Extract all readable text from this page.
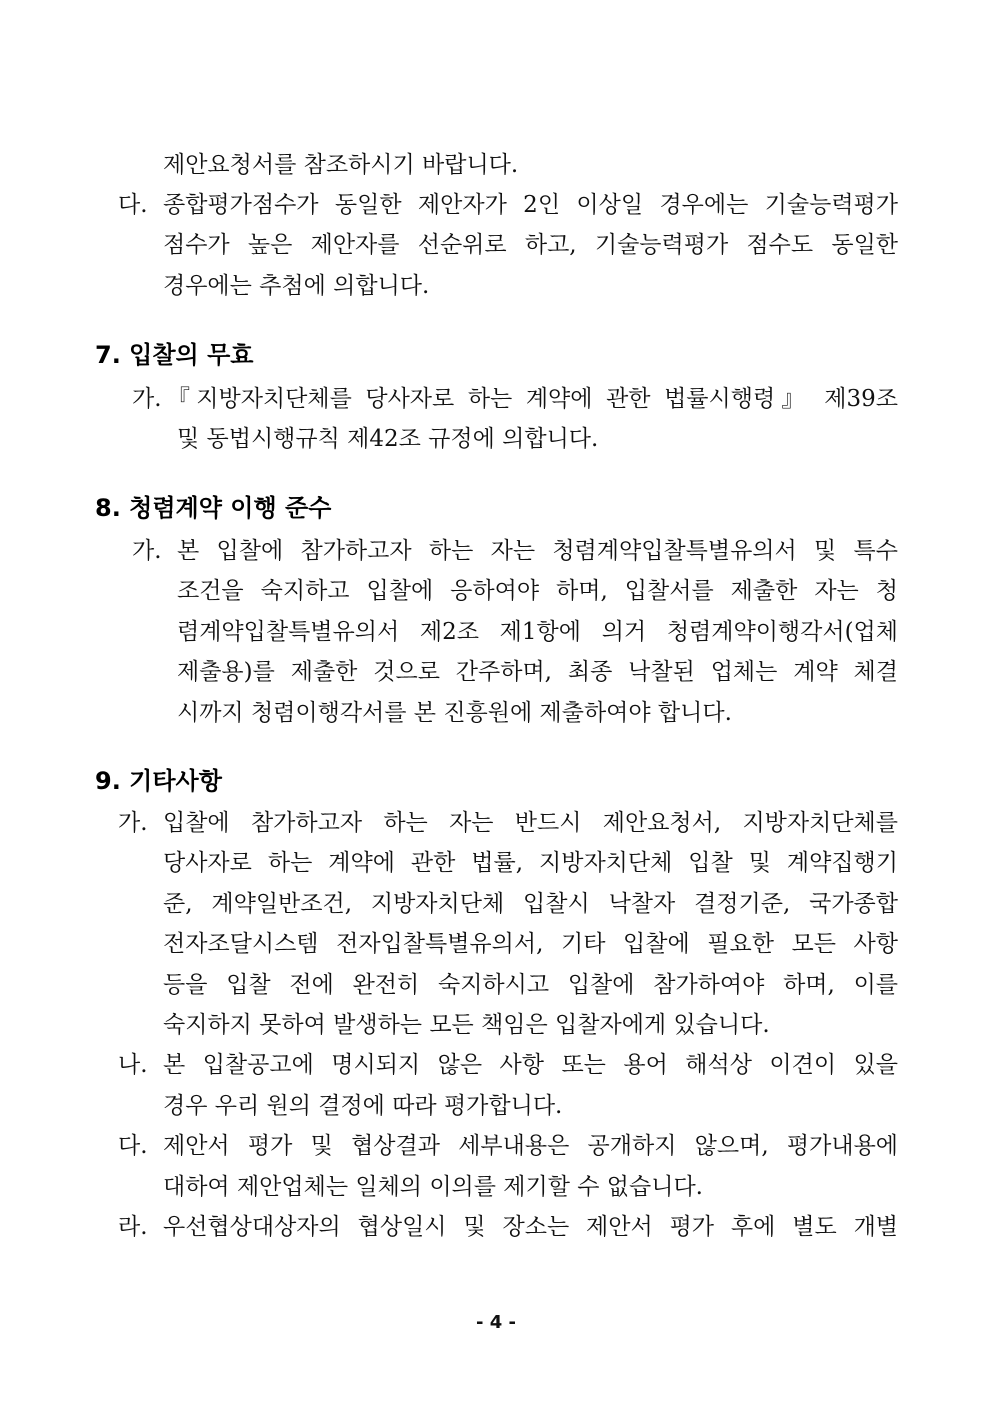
제안요청서를 참조하시기 바랍니다.
다. 종합평가점수가 동일한 제안자가 2인 이상일 경우에는 기술능력평가
점수가 높은 제안자를 선순위로 하고, 기술능력평가 점수도 동일한
경우에는 추첨에 의합니다.
7. 입찰의 무효
가. 『지방자치단체를 당사자로 하는 계약에 관한 법률시행령』 제39조
및 동법시행규칙 제42조 규정에 의합니다.
8. 청렴계약 이행 준수
가. 본 입찰에 참가하고자 하는 자는 청렴계약입찰특별유의서 및 특수
조건을 숙지하고 입찰에 응하여야 하며, 입찰서를 제출한 자는 청
렴계약입찰특별유의서 제2조 제1항에 의거 청렴계약이행각서(업체
제출용)를 제출한 것으로 간주하며, 최종 낙찰된 업체는 계약 체결
시까지 청렴이행각서를 본 진흥원에 제출하여야 합니다.
9. 기타사항
가. 입찰에 참가하고자 하는 자는 반드시 제안요청서, 지방자치단체를
당사자로 하는 계약에 관한 법률, 지방자치단체 입찰 및 계약집행기
준, 계약일반조건, 지방자치단체 입찰시 낙찰자 결정기준, 국가종합
전자조달시스템 전자입찰특별유의서, 기타 입찰에 필요한 모든 사항
등을 입찰 전에 완전히 숙지하시고 입찰에 참가하여야 하며, 이를
숙지하지 못하여 발생하는 모든 책임은 입찰자에게 있습니다.
나. 본 입찰공고에 명시되지 않은 사항 또는 용어 해석상 이견이 있을
경우 우리 원의 결정에 따라 평가합니다.
다. 제안서 평가 및 협상결과 세부내용은 공개하지 않으며, 평가내용에
대하여 제안업체는 일체의 이의를 제기할 수 없습니다.
라. 우선협상대상자의 협상일시 및 장소는 제안서 평가 후에 별도 개별
- 4 -
